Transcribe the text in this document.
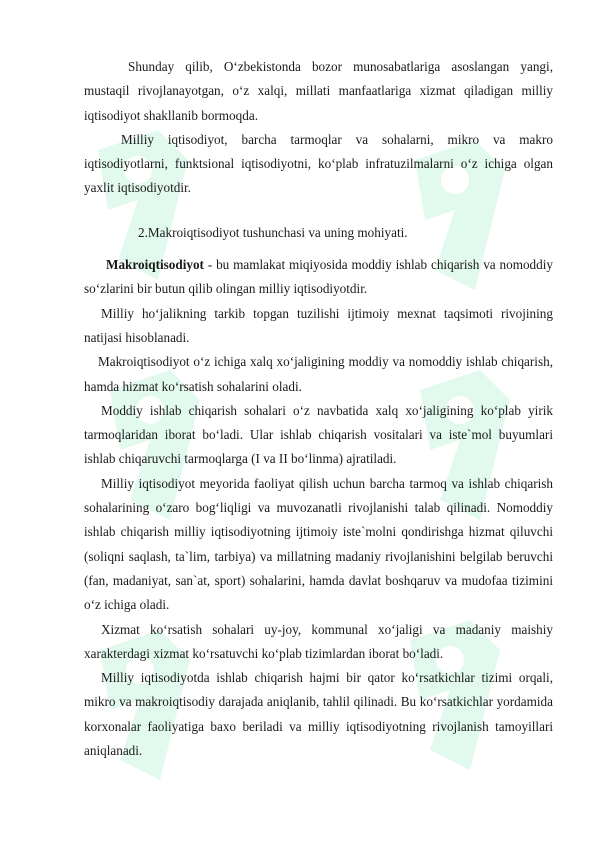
Shunday qilib, O‘zbekistonda bozor munosabatlariga asoslangan yangi, mustaqil rivojlanayotgan, o‘z xalqi, millati manfaatlariga xizmat qiladigan milliy iqtisodiyot shakllanib bormoqda.

Milliy iqtisodiyot, barcha tarmoqlar va sohalarni, mikro va makro iqtisodiyotlarni, funktsional iqtisodiyotni, ko‘plab infratuzilmalarni o‘z ichiga olgan yaxlit iqtisodiyotdir.

2.Makroiqtisodiyot tushunchasi va uning mohiyati.

Makroiqtisodiyot - bu mamlakat miqiyosida moddiy ishlab chiqarish va nomoddiy so‘zlarini bir butun qilib olingan milliy iqtisodiyotdir.

Milliy ho‘jalikning tarkib topgan tuzilishi ijtimoiy mexnat taqsimoti rivojining natijasi hisoblanadi.

Makroiqtisodiyot o‘z ichiga xalq xo‘jaligining moddiy va nomoddiy ishlab chiqarish, hamda hizmat ko‘rsatish sohalarini oladi.

Moddiy ishlab chiqarish sohalari o‘z navbatida xalq xo‘jaligining ko‘plab yirik tarmoqlaridan iborat bo‘ladi. Ular ishlab chiqarish vositalari va iste`mol buyumlari ishlab chiqaruvchi tarmoqlarga (I va II bo‘linma) ajratiladi.

Milliy iqtisodiyot meyorida faoliyat qilish uchun barcha tarmoq va ishlab chiqarish sohalarining o‘zaro bog‘liqligi va muvozanatli rivojlanishi talab qilinadi. Nomoddiy ishlab chiqarish milliy iqtisodiyotning ijtimoiy iste`molni qondirishga hizmat qiluvchi (soliqni saqlash, ta`lim, tarbiya) va millatning madaniy rivojlanishini belgilab beruvchi (fan, madaniyat, san`at, sport) sohalarini, hamda davlat boshqaruv va mudofaa tizimini o‘z ichiga oladi.

Xizmat ko‘rsatish sohalari uy-joy, kommunal xo‘jaligi va madaniy maishiy xarakterdagi xizmat ko‘rsatuvchi ko‘plab tizimlardan iborat bo‘ladi.

Milliy iqtisodiyotda ishlab chiqarish hajmi bir qator ko‘rsatkichlar tizimi orqali, mikro va makroiqtisodiy darajada aniqlanib, tahlil qilinadi. Bu ko‘rsatkichlar yordamida korxonalar faoliyatiga baxo beriladi va milliy iqtisodiyotning rivojlanish tamoyillari aniqlanadi.
